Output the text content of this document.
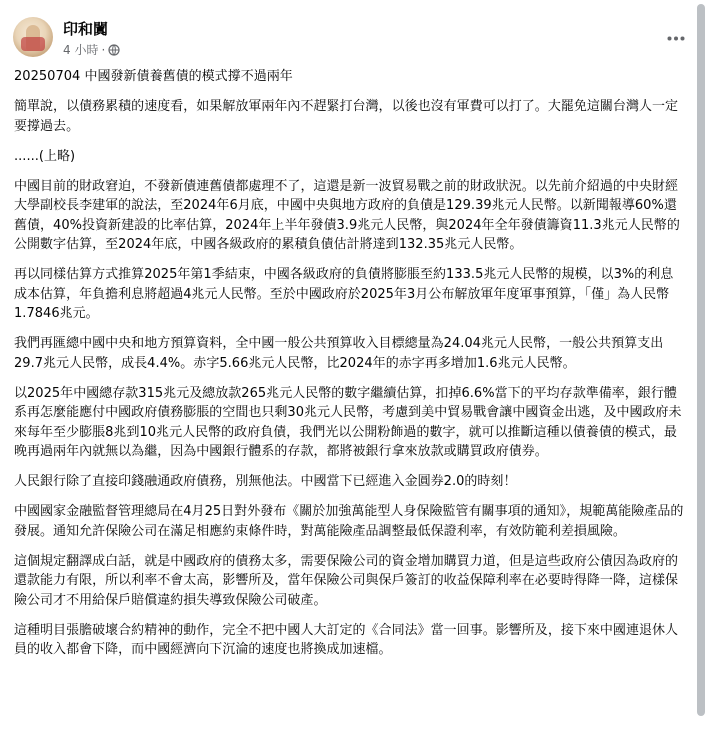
印和闐
4 小時 ·

20250704 中國發新債養舊債的模式撐不過兩年

簡單說，以債務累積的速度看，如果解放軍兩年內不趕緊打台灣，以後也沒有軍費可以打了。大罷免這關台灣人一定要撐過去。

......(上略)

中國目前的財政窘迫，不發新債連舊債都處理不了，這還是新一波貿易戰之前的財政狀況。以先前介紹過的中央財經大學副校長李建軍的說法，至2024年6月底，中國中央與地方政府的負債是129.39兆元人民幣。以新聞報導60%還舊債，40%投資新建設的比率估算，2024年上半年發債3.9兆元人民幣，與2024年全年發債籌資11.3兆元人民幣的公開數字估算，至2024年底，中國各級政府的累積負債估計將達到132.35兆元人民幣。

再以同樣估算方式推算2025年第1季結束，中國各級政府的負債將膨脹至約133.5兆元人民幣的規模，以3%的利息成本估算，年負擔利息將超過4兆元人民幣。至於中國政府於2025年3月公布解放軍年度軍事預算，「僅」為人民幣1.7846兆元。

我們再匯總中國中央和地方預算資料，全中國一般公共預算收入目標總量為24.04兆元人民幣，一般公共預算支出29.7兆元人民幣，成長4.4%。赤字5.66兆元人民幣，比2024年的赤字再多增加1.6兆元人民幣。

以2025年中國總存款315兆元及總放款265兆元人民幣的數字繼續估算，扣掉6.6%當下的平均存款準備率，銀行體系再怎麼能應付中國政府債務膨脹的空間也只剩30兆元人民幣，考慮到美中貿易戰會讓中國資金出逃，及中國政府未來每年至少膨脹8兆到10兆元人民幣的政府負債，我們光以公開粉飾過的數字，就可以推斷這種以債養債的模式，最晚再過兩年內就無以為繼，因為中國銀行體系的存款，都將被銀行拿來放款或購買政府債券。

人民銀行除了直接印錢融通政府債務，別無他法。中國當下已經進入金圓券2.0的時刻！

中國國家金融監督管理總局在4月25日對外發布《關於加強萬能型人身保險監管有關事項的通知》，規範萬能險產品的發展。通知允許保險公司在滿足相應約束條件時，對萬能險產品調整最低保證利率，有效防範利差損風險。

這個規定翻譯成白話，就是中國政府的債務太多，需要保險公司的資金增加購買力道，但是這些政府公債因為政府的還款能力有限，所以利率不會太高，影響所及，當年保險公司與保戶簽訂的收益保障利率在必要時得降一降，這樣保險公司才不用給保戶賠償違約損失導致保險公司破產。

這種明目張膽破壞合約精神的動作，完全不把中國人大訂定的《合同法》當一回事。影響所及，接下來中國連退休人員的收入都會下降，而中國經濟向下沉淪的速度也將換成加速檔。
